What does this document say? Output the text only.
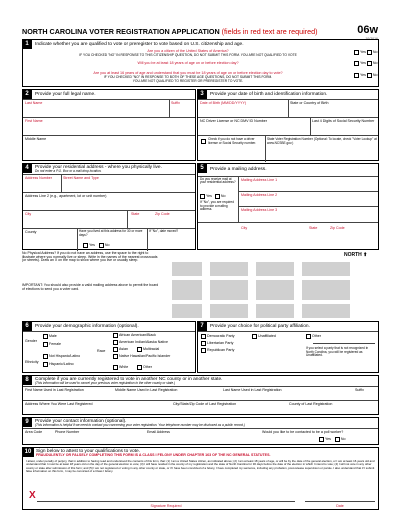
NORTH CAROLINA VOTER REGISTRATION APPLICATION (fields in red text are required)	06w
10/2016
1	Indicate whether you are qualified to vote or preregister to vote based on U.S. citizenship and age.
Are you a citizen of the United States of America?
IF YOU CHECKED "NO" IN RESPONSE TO THIS CITIZENSHIP QUESTION, DO NOT SUBMIT THIS FORM. YOU ARE NOT QUALIFIED TO VOTE
Yes No
Will you be at least 18 years of age on or before election day?	Yes No
Are you at least 16 years of age and understand that you must be 18 years of age on or before election day to vote?
IF YOU CHECKED "NO" IN RESPONSE TO BOTH OF THESE AGE QUESTIONS, DO NOT SUBMIT THIS FORM.
YOU ARE NOT QUALIFIED TO REGISTER OR PREREGISTER TO VOTE.
Yes No
2	Provide your full legal name.
Last Name	Suffix
First Name
Middle Name
3	Provide your date of birth and identification information.
Date of Birth (MM/DD/YYYY)	State or Country of Birth
NC Driver License or NC DMV ID Number	Last 4 Digits of Social Security Number
Check if you do not have a driver license or Social Security number.
State Voter Registration Number (Optional: To locate, check "Voter Lookup" at www.NCSBE.gov.)
4	Provide your residential address - where you physically live.
Do not enter a P.O. Box or a mail drop location.
Address Number	Street Name and Type
Address Line 2 (e.g., apartment, lot or unit number)
City	State	Zip Code
County	Have you lived at this address for 30 or more days?
Yes	No
If "No", date moved?
5	Provide a mailing address.
Do you receive mail at your residential address?
Yes	No
If "No", you are required to provide a mailing address.
Mailing Address Line 1
Mailing Address Line 2
Mailing Address Line 3
City	State	Zip Code
No Physical Address? If you do not have an address, use the space to the right to illustrate where you normally live or sleep. Write in the names of the nearest crossroads (or streets). Draw an X on the map to show where you live or usually sleep.
IMPORTANT: You should also provide a valid mailing address above to permit the board of elections to send you a voter card.
NORTH ⬆
6	Provide your demographic information (optional).
Gender
Male
Female
Ethnicity
Not Hispanic/Latino
Hispanic/Latino
Race
African American/Black
American Indian/Alaska Native
Asian	Multiracial
Native Hawaiian/Pacific Islander
White	Other
7	Provide your choice for political party affiliation.
Democratic Party
Libertarian Party
Republican Party
Unaffiliated	Other
If you select a party that is not recognized in North Carolina, you will be registered as Unaffiliated.
8	Complete if you are currently registered to vote in another NC county or in another state.
(This information will be used to cancel your previous voter registration in the other county or state.)
First Name Used in Last Registration	Middle Name Used in Last Registration	Last Name Used in Last Registration	Suffix
Address Where You Were Last Registered	City/State/Zip Code of Last Registration	County of Last Registration
9	Provide your contact information (optional).
(This information is helpful if we need to contact you concerning your voter registration. Your telephone number may be disclosed as a public record.)
Area Code	Phone Number	Email Address	Would you like to be contacted to be a poll worker?
Yes	No
10 Sign below to attest to your qualifications to vote.
FRAUDULENTLY OR FALSELY COMPLETING THIS FORM IS A CLASS I FELONY UNDER CHAPTER 163 OF THE NC GENERAL STATUTES.
I attest, under penalty of perjury, that in addition to having read and understood the contents of this form, that: (1) I am a United States citizen, as indicated above; (2) I am at least 18 years of age, or will be by the date of the general election, or I am at least 16 years old and understand that I must be at least 18 years old on the day of the general election to vote; (3) I will have resided in the county of my registration and the state of North Carolina for 30 days before the date of the election in which I intend to vote; (4) I will not vote in any other county or state after submission of this form; and (5) I am not registered or voting in any other county or state, or if I have been convicted of a felony, I have completed my sentence, including any probation, post-release supervision or parole. I also understand that if I submit false information on this form, I may be convicted of a Class I felony.
X
Signature Required	Date
